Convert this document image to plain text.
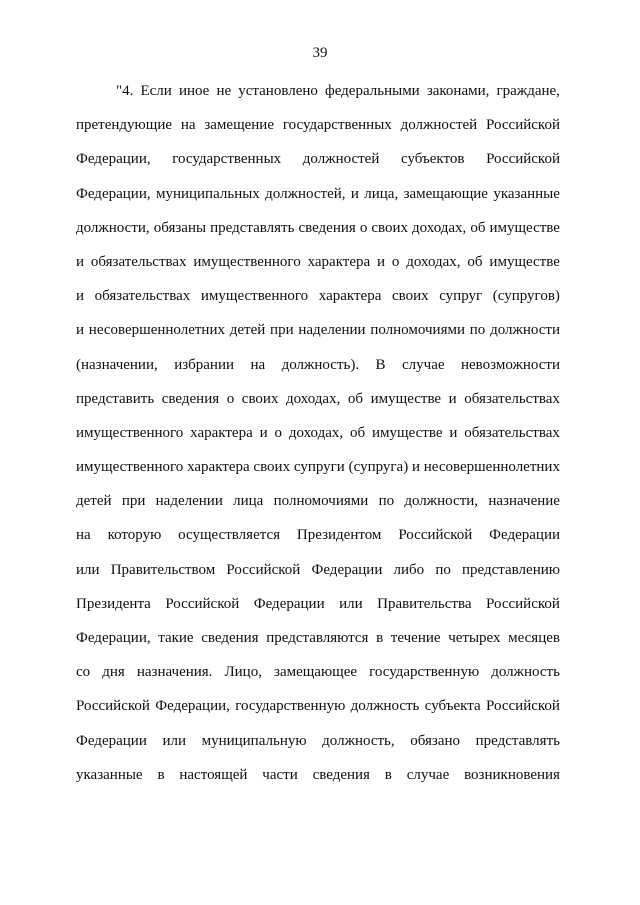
39
"4. Если иное не установлено федеральными законами, граждане,
претендующие на замещение государственных должностей Российской
Федерации, государственных должностей субъектов Российской
Федерации, муниципальных должностей, и лица, замещающие указанные
должности, обязаны представлять сведения о своих доходах, об имуществе
и обязательствах имущественного характера и о доходах, об имуществе
и обязательствах имущественного характера своих супруг (супругов)
и несовершеннолетних детей при наделении полномочиями по должности
(назначении, избрании на должность). В случае невозможности
представить сведения о своих доходах, об имуществе и обязательствах
имущественного характера и о доходах, об имуществе и обязательствах
имущественного характера своих супруги (супруга) и несовершеннолетних
детей при наделении лица полномочиями по должности, назначение
на которую осуществляется Президентом Российской Федерации
или Правительством Российской Федерации либо по представлению
Президента Российской Федерации или Правительства Российской
Федерации, такие сведения представляются в течение четырех месяцев
со дня назначения. Лицо, замещающее государственную должность
Российской Федерации, государственную должность субъекта Российской
Федерации или муниципальную должность, обязано представлять
указанные в настоящей части сведения в случае возникновения
